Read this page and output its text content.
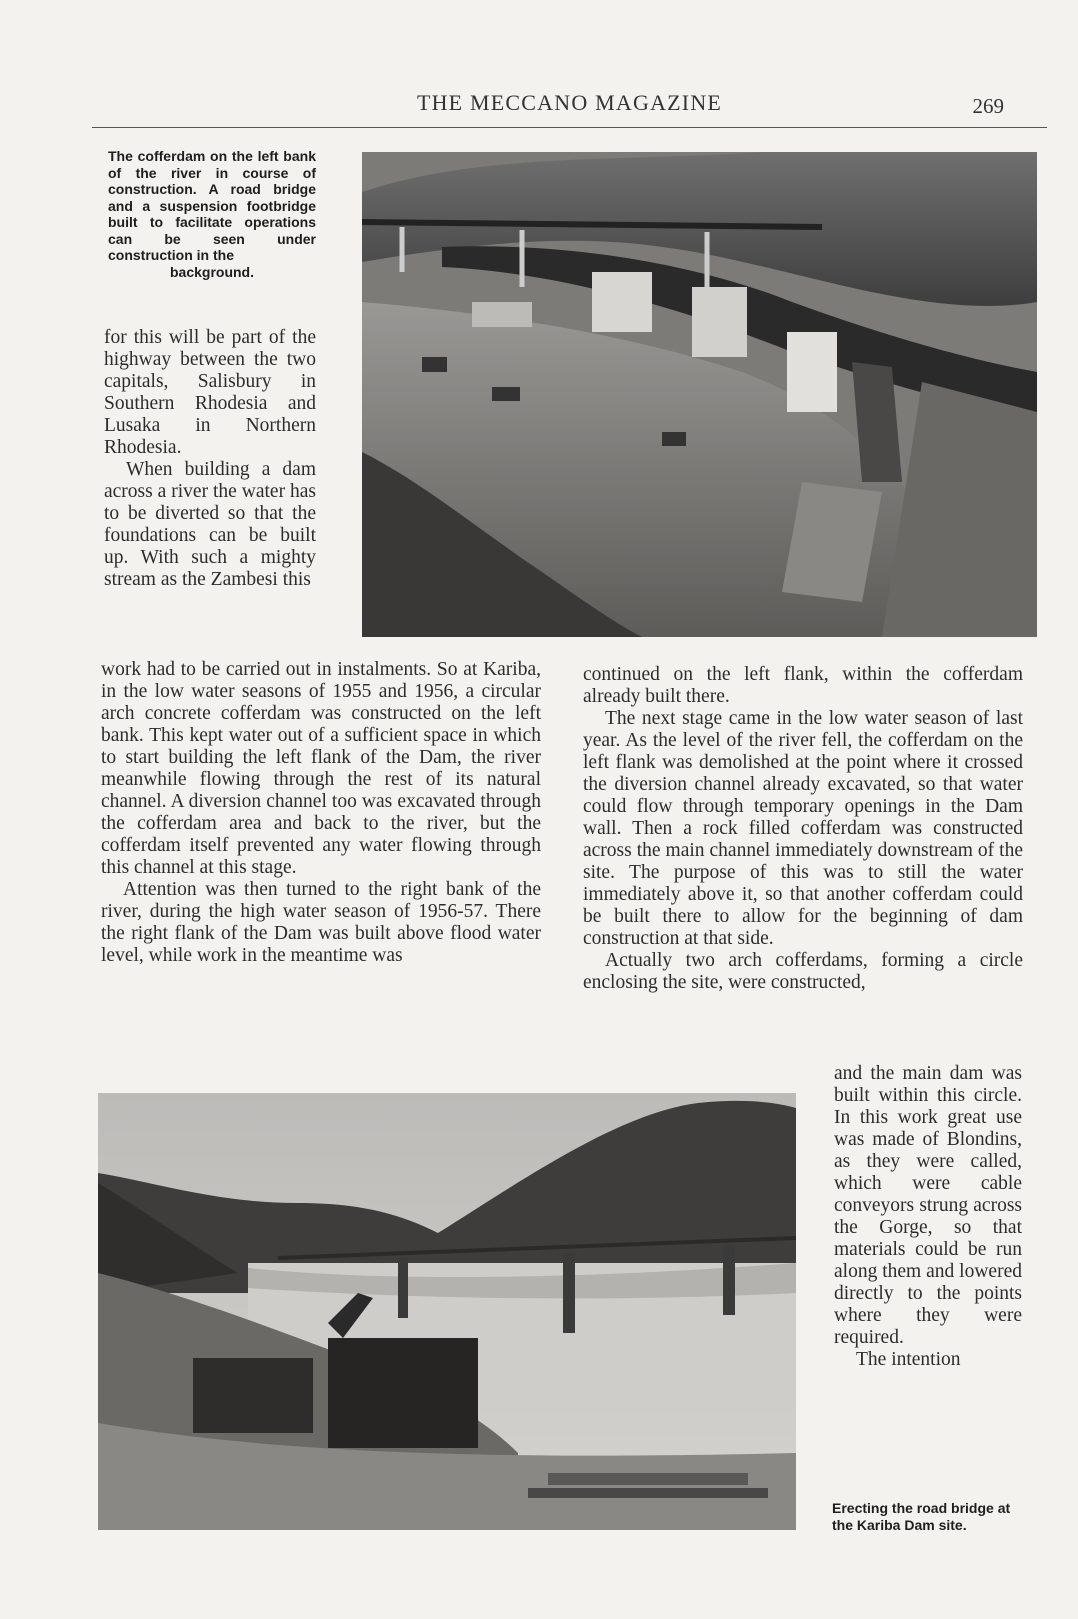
THE MECCANO MAGAZINE	269
The cofferdam on the left bank of the river in course of construction. A road bridge and a suspension footbridge built to facilitate operations can be seen under construction in the
background.

for this will be part of the highway between the two capitals, Salisbury in Southern Rhodesia and Lusaka in Northern Rhodesia.

When building a dam across a river the water has to be diverted so that the foundations can be built up. With such a mighty stream as the Zambesi this

work had to be carried out in instalments. So at Kariba, in the low water seasons of 1955 and 1956, a circular arch concrete cofferdam was constructed on the left bank. This kept water out of a sufficient space in which to start building the left flank of the Dam, the river meanwhile flowing through the rest of its natural channel. A diversion channel too was excavated through the cofferdam area and back to the river, but the cofferdam itself prevented any water flowing through this channel at this stage.

Attention was then turned to the right bank of the river, during the high water season of 1956-57. There the right flank of the Dam was built above flood water level, while work in the meantime was

continued on the left flank, within the cofferdam already built there.

The next stage came in the low water season of last year. As the level of the river fell, the cofferdam on the left flank was demolished at the point where it crossed the diversion channel already excavated, so that water could flow through temporary openings in the Dam wall. Then a rock filled cofferdam was constructed across the main channel immediately downstream of the site. The purpose of this was to still the water immediately above it, so that another cofferdam could be built there to allow for the beginning of dam construction at that side.

Actually two arch cofferdams, forming a circle enclosing the site, were constructed,

and the main dam was built within this circle. In this work great use was made of Blondins, as they were called, which were cable conveyors strung across the Gorge, so that materials could be run along them and lowered directly to the points where they were required.

The intention

Erecting the road bridge at the Kariba Dam site.
